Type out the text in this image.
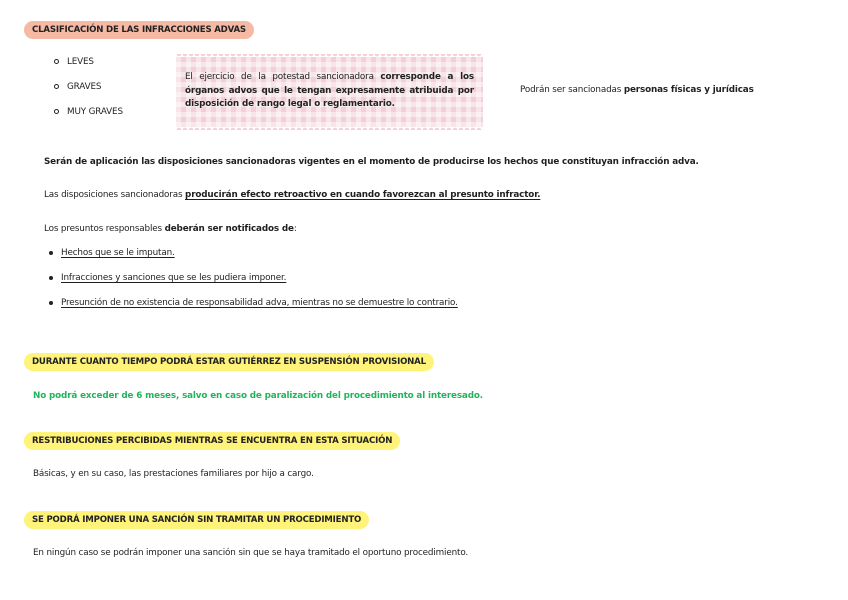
CLASIFICACIÓN DE LAS INFRACCIONES ADVAS
LEVES
GRAVES
MUY GRAVES
El ejercicio de la potestad sancionadora corresponde a los órganos advos que le tengan expresamente atribuida por disposición de rango legal o reglamentario.
Podrán ser sancionadas personas físicas y jurídicas
Serán de aplicación las disposiciones sancionadoras vigentes en el momento de producirse los hechos que constituyan infracción adva.
Las disposiciones sancionadoras producirán efecto retroactivo en cuando favorezcan al presunto infractor.
Los presuntos responsables deberán ser notificados de:
Hechos que se le imputan.
Infracciones y sanciones que se les pudiera imponer.
Presunción de no existencia de responsabilidad adva, mientras no se demuestre lo contrario.
DURANTE CUANTO TIEMPO PODRÁ ESTAR GUTIÉRREZ EN SUSPENSIÓN PROVISIONAL
No podrá exceder de 6 meses, salvo en caso de paralización del procedimiento al interesado.
RESTRIBUCIONES PERCIBIDAS MIENTRAS SE ENCUENTRA EN ESTA SITUACIÓN
Básicas, y en su caso, las prestaciones familiares por hijo a cargo.
SE PODRÁ IMPONER UNA SANCIÓN SIN TRAMITAR UN PROCEDIMIENTO
En ningún caso se podrán imponer una sanción sin que se haya tramitado el oportuno procedimiento.
